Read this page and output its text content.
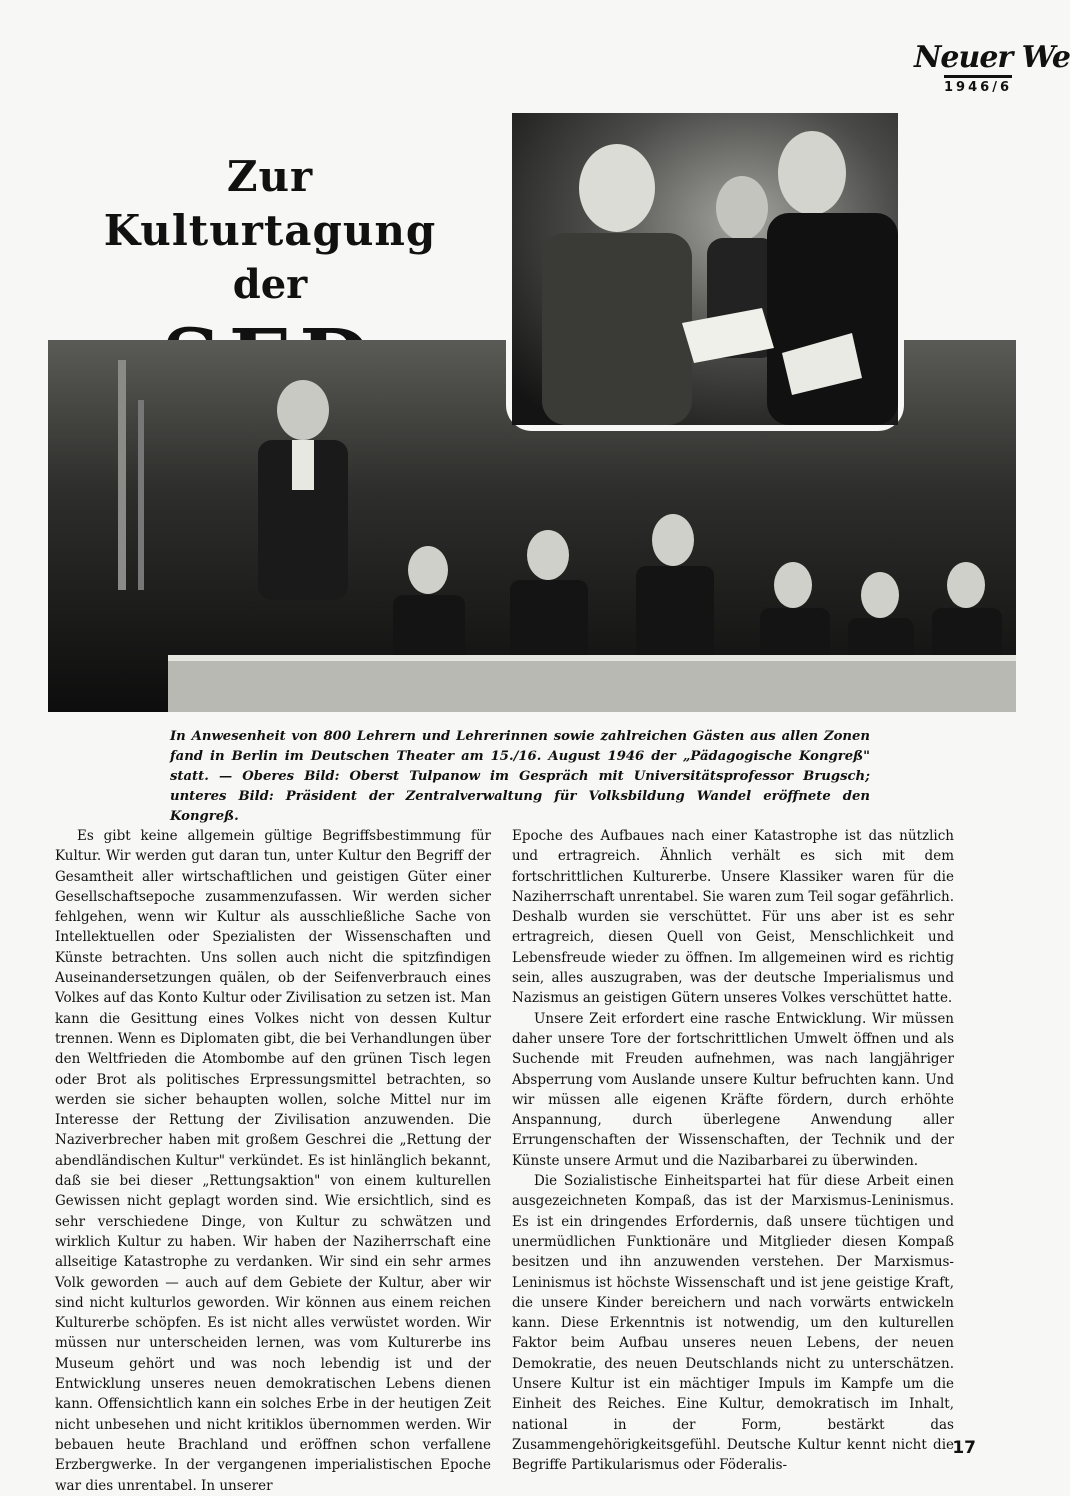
Neuer We
1946/6
Zur Kulturtagung
der
In Anwesenheit von 800 Lehrern und Lehrerinnen sowie zahlreichen Gästen aus allen Zonen fand in Berlin im Deutschen Theater am 15./16. August 1946 der „Pädagogische Kongreß" statt. — Oberes Bild: Oberst Tulpanow im Gespräch mit Universitätsprofessor Brugsch; unteres Bild: Präsident der Zentralverwaltung für Volksbildung Wandel eröffnete den Kongreß.

Es gibt keine allgemein gültige Begriffsbestimmung für Kultur. Wir werden gut daran tun, unter Kultur den Begriff der Gesamtheit aller wirtschaftlichen und geistigen Güter einer Gesellschaftsepoche zusammenzufassen. Wir werden sicher fehlgehen, wenn wir Kultur als ausschließliche Sache von Intellektuellen oder Spezialisten der Wissenschaften und Künste betrachten. Uns sollen auch nicht die spitzfindigen Auseinandersetzungen quälen, ob der Seifenverbrauch eines Volkes auf das Konto Kultur oder Zivilisation zu setzen ist. Man kann die Gesittung eines Volkes nicht von dessen Kultur trennen. Wenn es Diplomaten gibt, die bei Verhandlungen über den Weltfrieden die Atombombe auf den grünen Tisch legen oder Brot als politisches Erpressungsmittel betrachten, so werden sie sicher behaupten wollen, solche Mittel nur im Interesse der Rettung der Zivilisation anzuwenden. Die Naziverbrecher haben mit großem Geschrei die „Rettung der abendländischen Kultur" verkündet. Es ist hinlänglich bekannt, daß sie bei dieser „Rettungsaktion" von einem kulturellen Gewissen nicht geplagt worden sind. Wie ersichtlich, sind es sehr verschiedene Dinge, von Kultur zu schwätzen und wirklich Kultur zu haben. Wir haben der Naziherrschaft eine allseitige Katastrophe zu verdanken. Wir sind ein sehr armes Volk geworden — auch auf dem Gebiete der Kultur, aber wir sind nicht kulturlos geworden. Wir können aus einem reichen Kulturerbe schöpfen. Es ist nicht alles verwüstet worden. Wir müssen nur unterscheiden lernen, was vom Kulturerbe ins Museum gehört und was noch lebendig ist und der Entwicklung unseres neuen demokratischen Lebens dienen kann. Offensichtlich kann ein solches Erbe in der heutigen Zeit nicht unbesehen und nicht kritiklos übernommen werden. Wir bebauen heute Brachland und eröffnen schon verfallene Erzbergwerke. In der vergangenen imperialistischen Epoche war dies unrentabel. In unserer

Epoche des Aufbaues nach einer Katastrophe ist das nützlich und ertragreich. Ähnlich verhält es sich mit dem fortschrittlichen Kulturerbe. Unsere Klassiker waren für die Naziherrschaft unrentabel. Sie waren zum Teil sogar gefährlich. Deshalb wurden sie verschüttet. Für uns aber ist es sehr ertragreich, diesen Quell von Geist, Menschlichkeit und Lebensfreude wieder zu öffnen. Im allgemeinen wird es richtig sein, alles auszugraben, was der deutsche Imperialismus und Nazismus an geistigen Gütern unseres Volkes verschüttet hatte.

Unsere Zeit erfordert eine rasche Entwicklung. Wir müssen daher unsere Tore der fortschrittlichen Umwelt öffnen und als Suchende mit Freuden aufnehmen, was nach langjähriger Absperrung vom Auslande unsere Kultur befruchten kann. Und wir müssen alle eigenen Kräfte fördern, durch erhöhte Anspannung, durch überlegene Anwendung aller Errungenschaften der Wissenschaften, der Technik und der Künste unsere Armut und die Nazibarbarei zu überwinden.

Die Sozialistische Einheitspartei hat für diese Arbeit einen ausgezeichneten Kompaß, das ist der Marxismus-Leninismus. Es ist ein dringendes Erfordernis, daß unsere tüchtigen und unermüdlichen Funktionäre und Mitglieder diesen Kompaß besitzen und ihn anzuwenden verstehen. Der Marxismus-Leninismus ist höchste Wissenschaft und ist jene geistige Kraft, die unsere Kinder bereichern und nach vorwärts entwickeln kann. Diese Erkenntnis ist notwendig, um den kulturellen Faktor beim Aufbau unseres neuen Lebens, der neuen Demokratie, des neuen Deutschlands nicht zu unterschätzen. Unsere Kultur ist ein mächtiger Impuls im Kampfe um die Einheit des Reiches. Eine Kultur, demokratisch im Inhalt, national in der Form, bestärkt das Zusammengehörigkeitsgefühl. Deutsche Kultur kennt nicht die Begriffe Partikularismus oder Föderalis-

17
